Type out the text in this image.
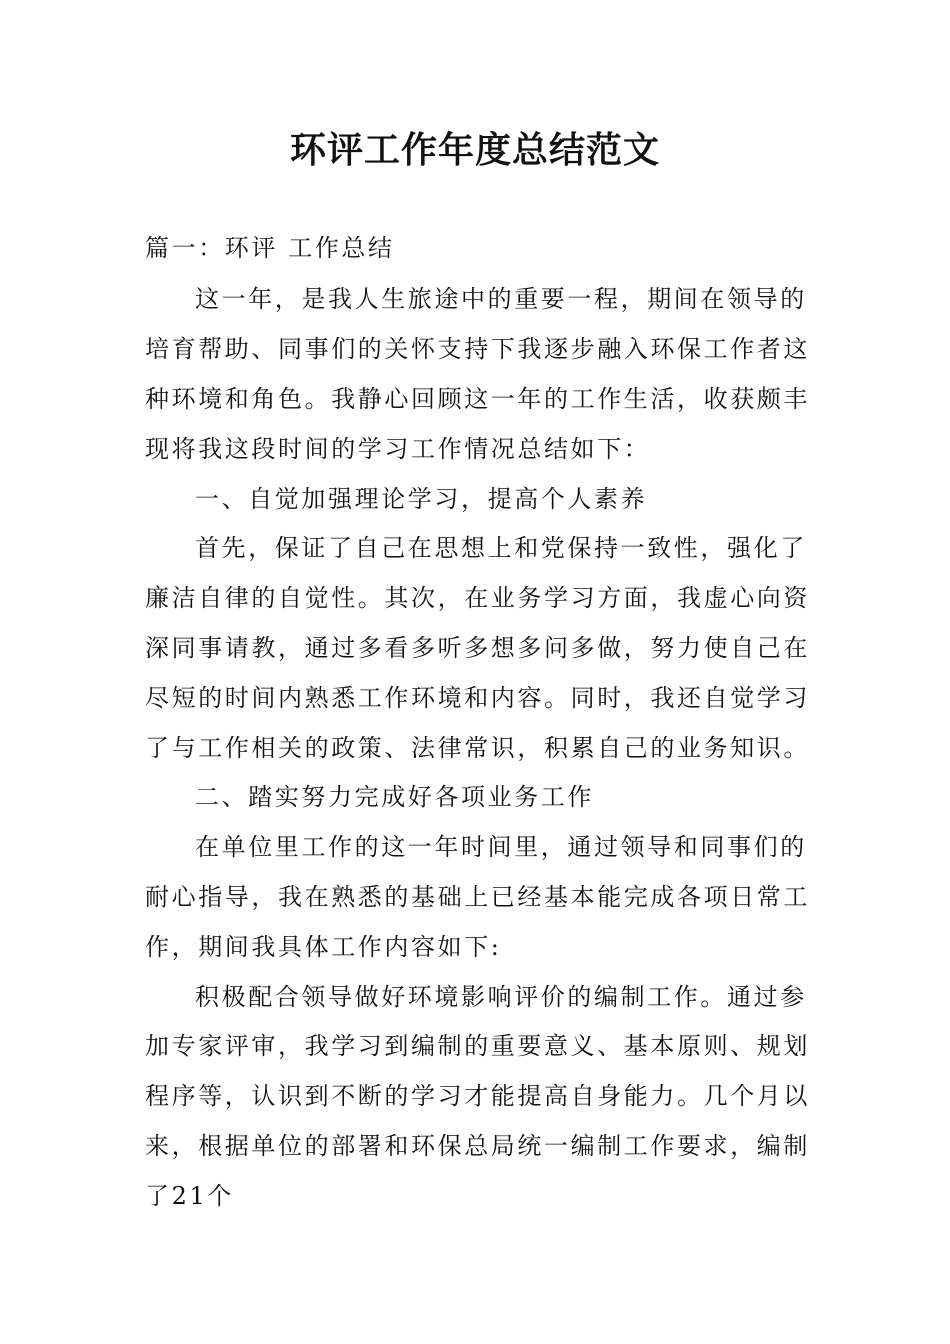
环评工作年度总结范文
篇一：环评 工作总结
这一年，是我人生旅途中的重要一程，期间在领导的
培育帮助、同事们的关怀支持下我逐步融入环保工作者这
种环境和角色。我静心回顾这一年的工作生活，收获颇丰
现将我这段时间的学习工作情况总结如下：
一、自觉加强理论学习，提高个人素养
首先，保证了自己在思想上和党保持一致性，强化了
廉洁自律的自觉性。其次，在业务学习方面，我虚心向资
深同事请教，通过多看多听多想多问多做，努力使自己在
尽短的时间内熟悉工作环境和内容。同时，我还自觉学习
了与工作相关的政策、法律常识，积累自己的业务知识。
二、踏实努力完成好各项业务工作
在单位里工作的这一年时间里，通过领导和同事们的
耐心指导，我在熟悉的基础上已经基本能完成各项日常工
作，期间我具体工作内容如下:
积极配合领导做好环境影响评价的编制工作。通过参
加专家评审，我学习到编制的重要意义、基本原则、规划
程序等，认识到不断的学习才能提高自身能力。几个月以
来，根据单位的部署和环保总局统一编制工作要求，编制
了21个
